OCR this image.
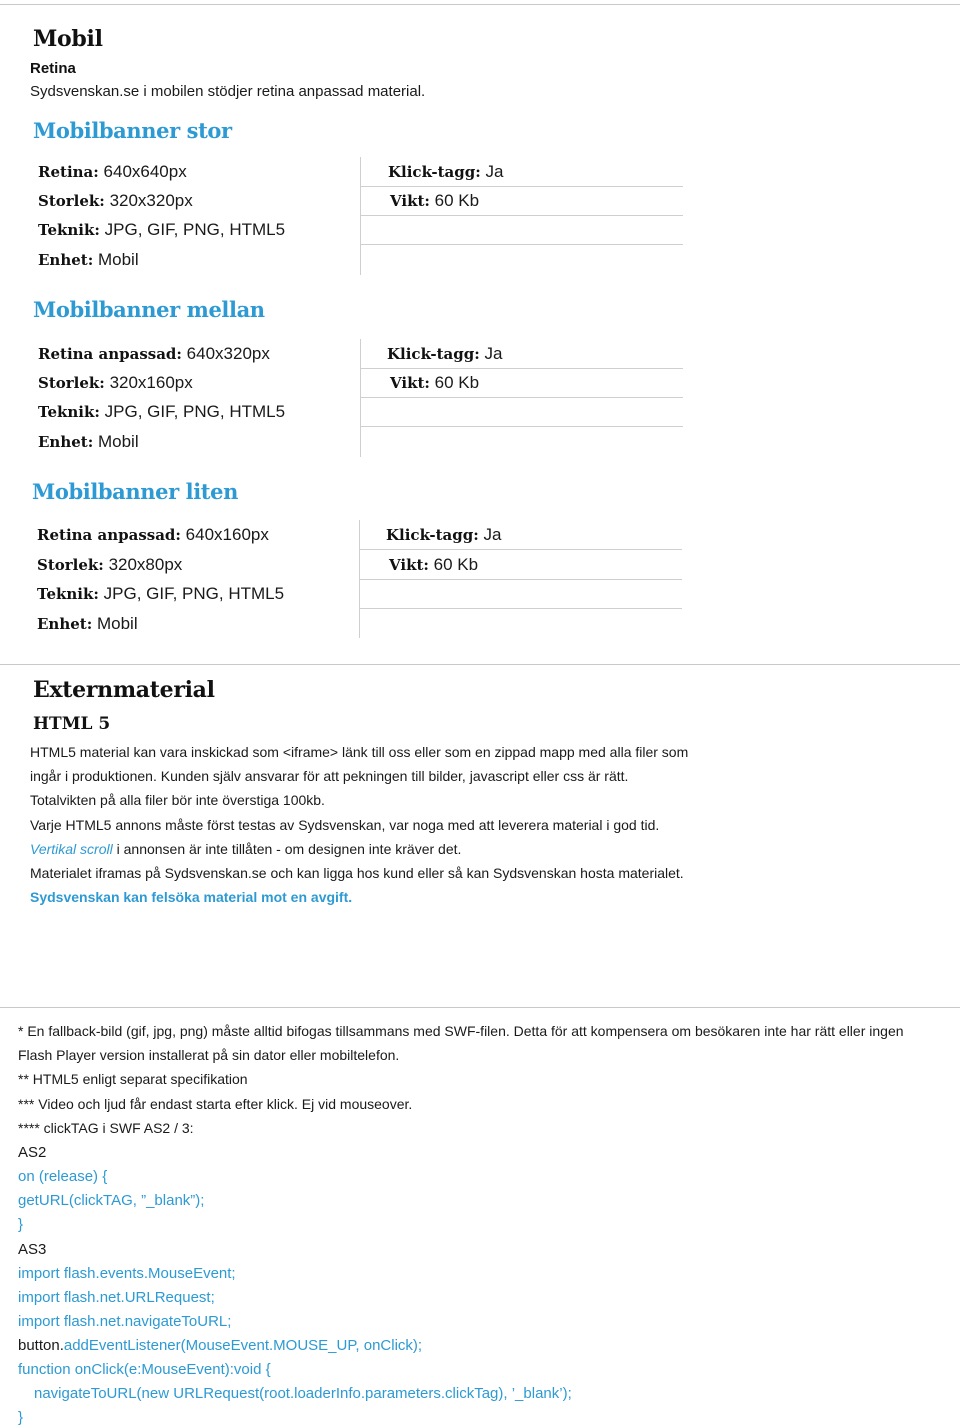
Mobil
Retina
Sydsvenskan.se i mobilen stödjer retina anpassad material.
Mobilbanner stor
Retina: 640x640px
Storlek: 320x320px
Teknik: JPG, GIF, PNG, HTML5
Enhet: Mobil
Klick-tagg: Ja
Vikt: 60 Kb
Mobilbanner mellan
Retina anpassad: 640x320px
Storlek: 320x160px
Teknik: JPG, GIF, PNG, HTML5
Enhet: Mobil
Klick-tagg: Ja
Vikt: 60 Kb
Mobilbanner liten
Retina anpassad: 640x160px
Storlek: 320x80px
Teknik: JPG, GIF, PNG, HTML5
Enhet: Mobil
Klick-tagg: Ja
Vikt: 60 Kb
Externmaterial
HTML 5
HTML5 material kan vara inskickad som <iframe> länk till oss eller som en zippad mapp med alla filer som
ingår i produktionen. Kunden själv ansvarar för att pekningen till bilder, javascript eller css är rätt.
Totalvikten på alla filer bör inte överstiga 100kb.
Varje HTML5 annons måste först testas av Sydsvenskan, var noga med att leverera material i god tid.
Vertikal scroll i annonsen är inte tillåten - om designen inte kräver det.
Materialet iframas på Sydsvenskan.se och kan ligga hos kund eller så kan Sydsvenskan hosta materialet.
Sydsvenskan kan felsöka material mot en avgift.
* En fallback-bild (gif, jpg, png) måste alltid bifogas tillsammans med SWF-filen. Detta för att kompensera om besökaren inte har rätt eller ingen
Flash Player version installerat på sin dator eller mobiltelefon.
** HTML5 enligt separat specifikation
*** Video och ljud får endast starta efter klick. Ej vid mouseover.
**** clickTAG i SWF AS2 / 3:
AS2
on (release) {
getURL(clickTAG, ”_blank”);
}
AS3
import flash.events.MouseEvent;
import flash.net.URLRequest;
import flash.net.navigateToURL;
button.addEventListener(MouseEvent.MOUSE_UP, onClick);
function onClick(e:MouseEvent):void {
navigateToURL(new URLRequest(root.loaderInfo.parameters.clickTag), ’_blank’);
}
